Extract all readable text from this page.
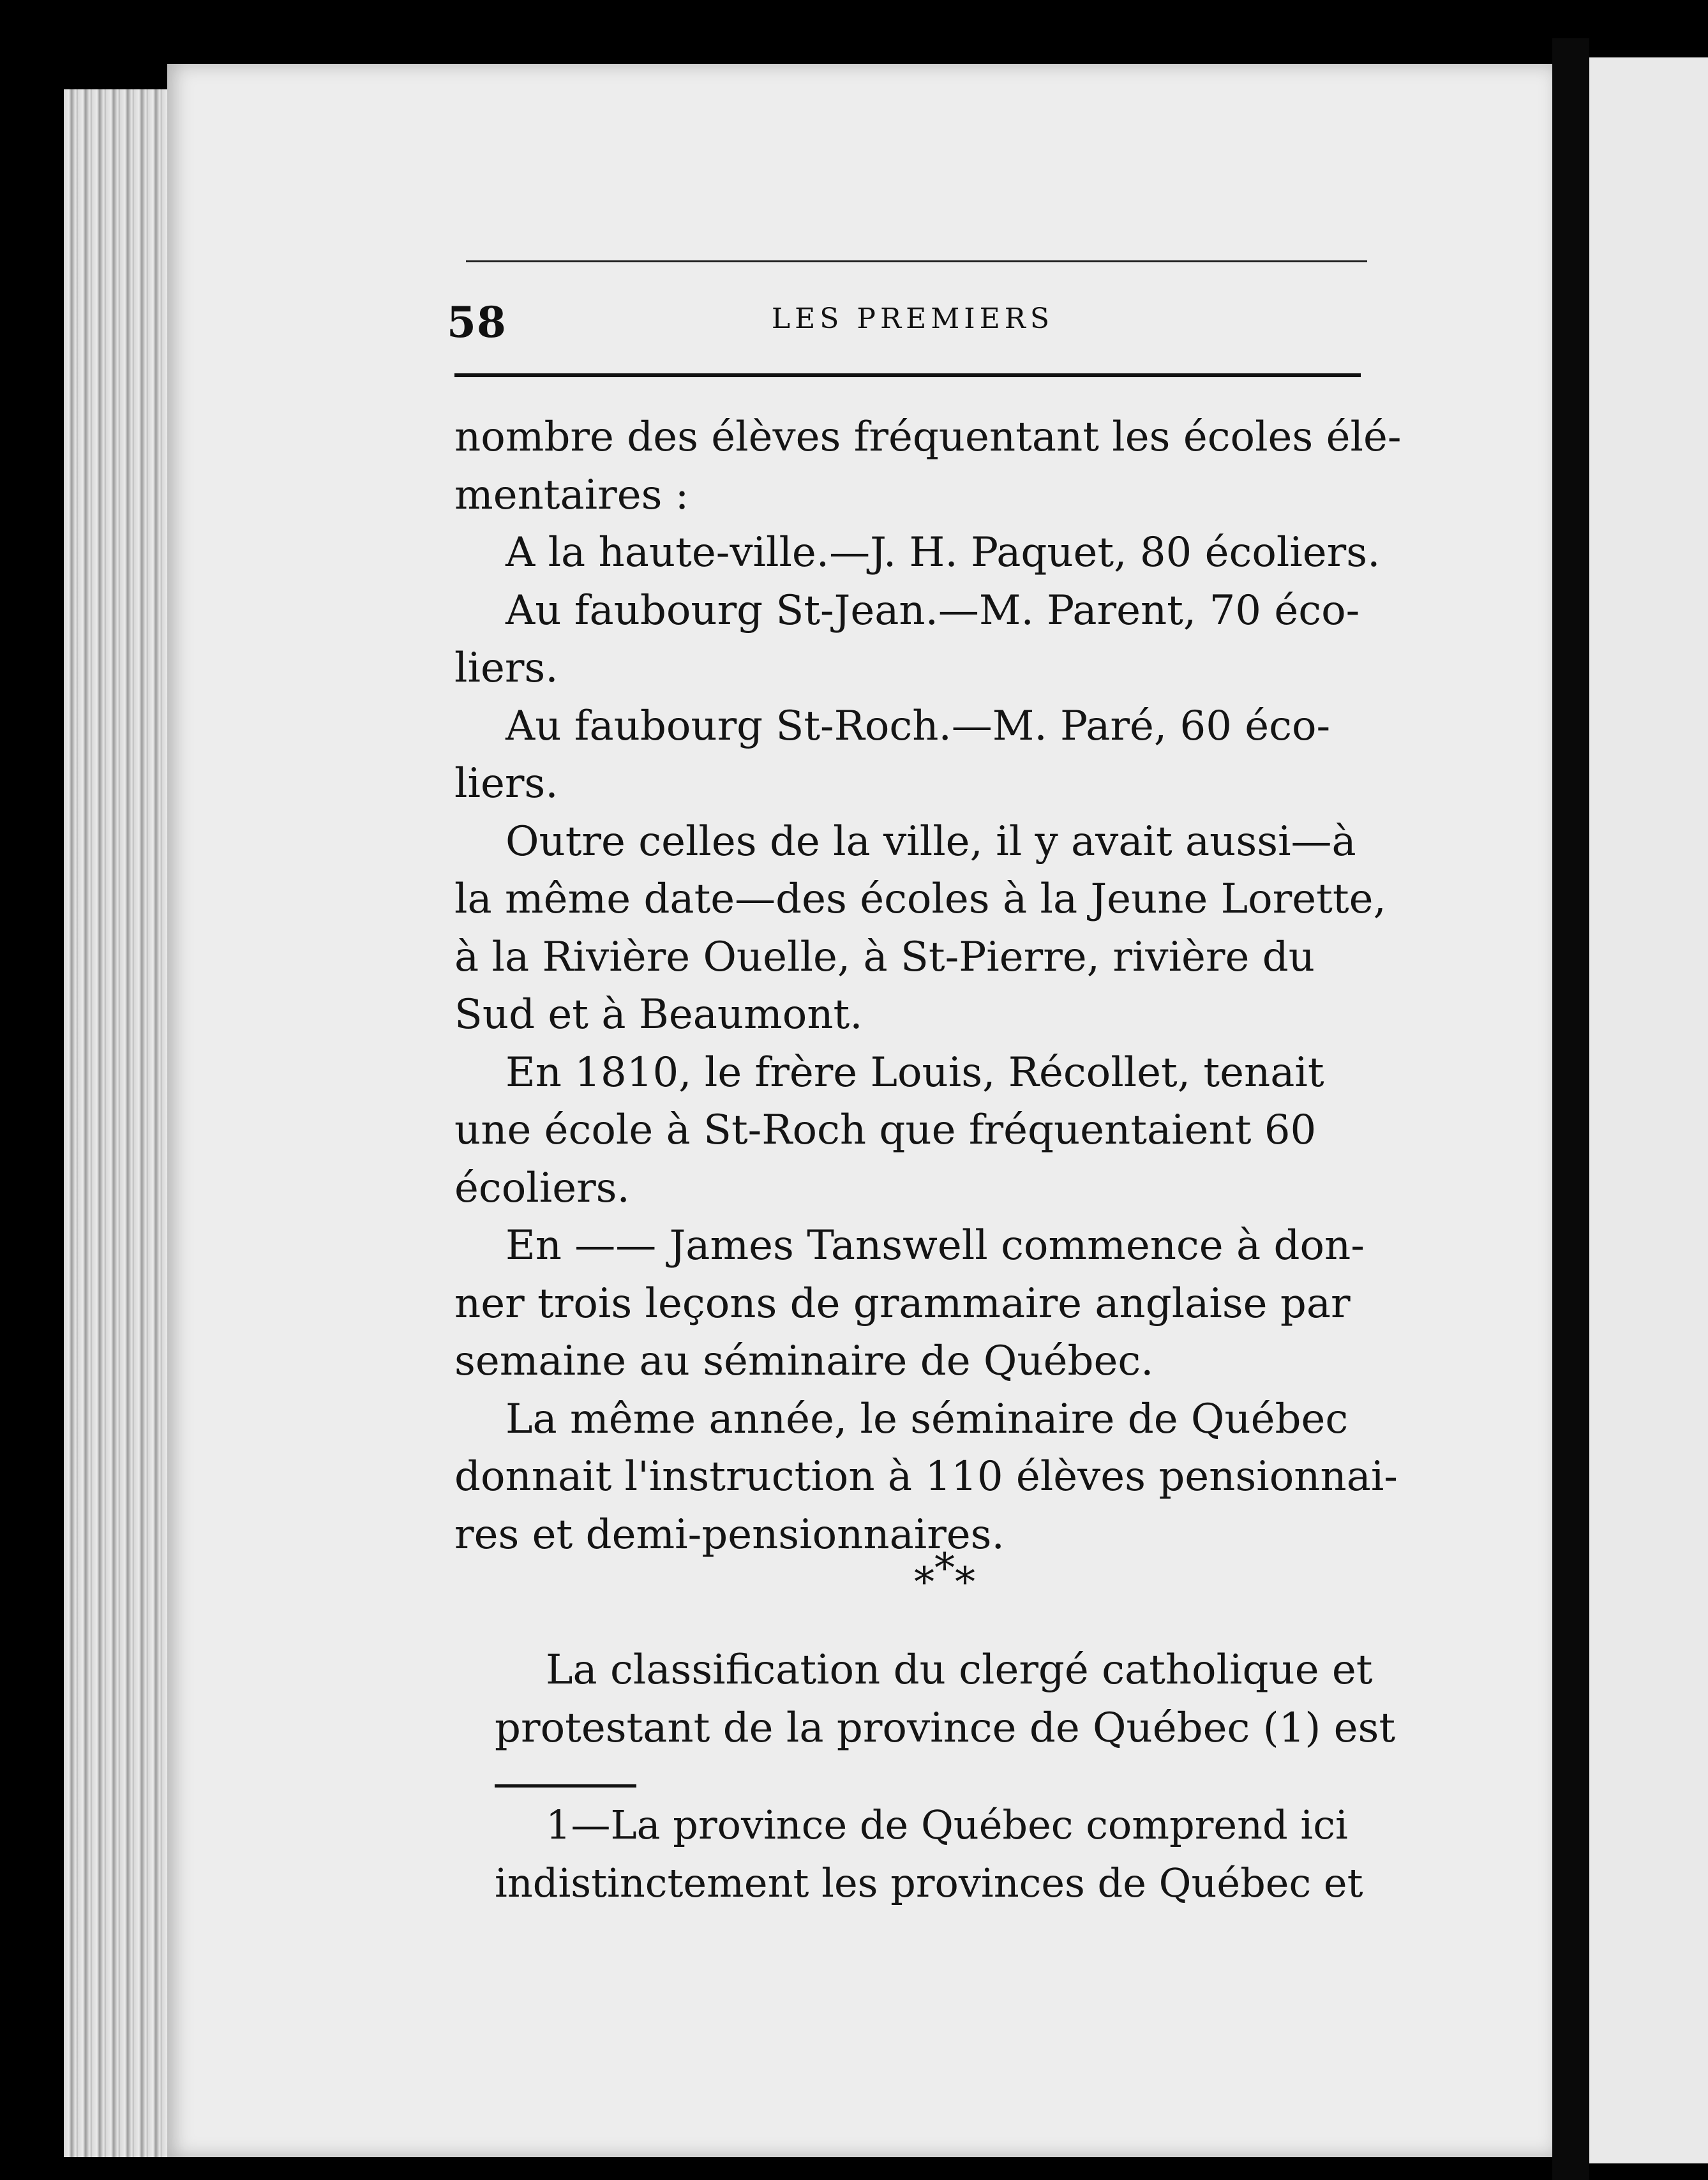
58	LES PREMIERS
nombre des élèves fréquentant les écoles élé-
mentaires :
A la haute-ville.—J. H. Paquet, 80 écoliers.
Au faubourg St-Jean.—M. Parent, 70 éco-
liers.
Au faubourg St-Roch.—M. Paré, 60 éco-
liers.
Outre celles de la ville, il y avait aussi—à
la même date—des écoles à la Jeune Lorette,
à la Rivière Ouelle, à St-Pierre, rivière du
Sud et à Beaumont.
En 1810, le frère Louis, Récollet, tenait
une école à St-Roch que fréquentaient 60
écoliers.
En —— James Tanswell commence à don-
ner trois leçons de grammaire anglaise par
semaine au séminaire de Québec.
La même année, le séminaire de Québec
donnait l'instruction à 110 élèves pensionnai-
res et demi-pensionnaires.
***
La classification du clergé catholique et
protestant de la province de Québec (1) est
1—La province de Québec comprend ici
indistinctement les provinces de Québec et
